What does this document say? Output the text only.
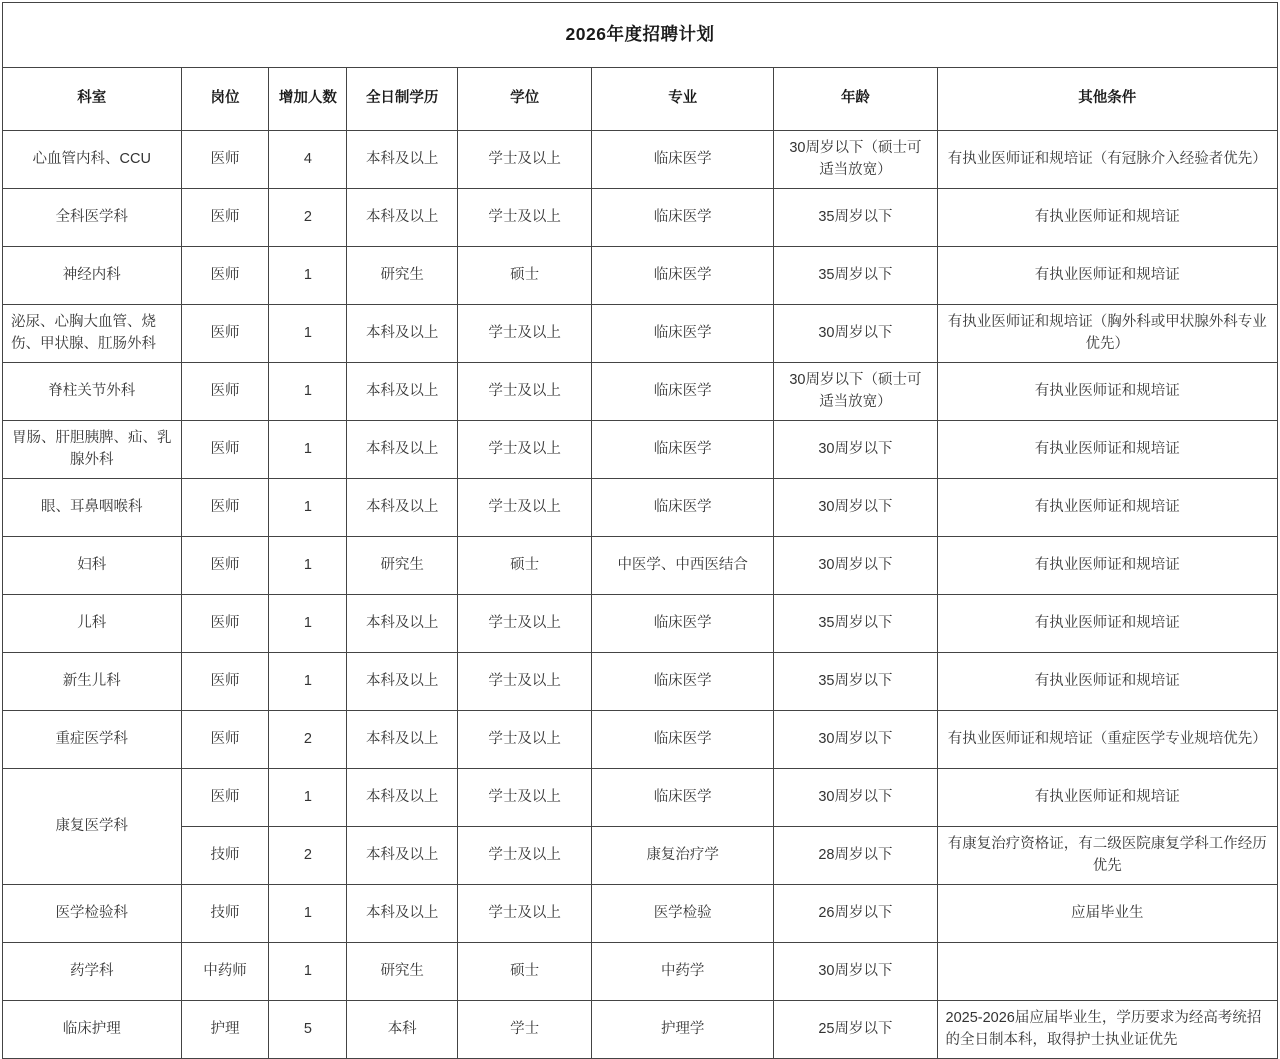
2026年度招聘计划							
科室	岗位	增加人数	全日制学历	学位	专业	年龄	其他条件
心血管内科、CCU	医师	4	本科及以上	学士及以上	临床医学	30周岁以下（硕士可适当放宽）	有执业医师证和规培证（有冠脉介入经验者优先）
全科医学科	医师	2	本科及以上	学士及以上	临床医学	35周岁以下	有执业医师证和规培证
神经内科	医师	1	研究生	硕士	临床医学	35周岁以下	有执业医师证和规培证
泌尿、心胸大血管、烧伤、甲状腺、肛肠外科	医师	1	本科及以上	学士及以上	临床医学	30周岁以下	有执业医师证和规培证（胸外科或甲状腺外科专业优先）
脊柱关节外科	医师	1	本科及以上	学士及以上	临床医学	30周岁以下（硕士可适当放宽）	有执业医师证和规培证
胃肠、肝胆胰脾、疝、乳腺外科	医师	1	本科及以上	学士及以上	临床医学	30周岁以下	有执业医师证和规培证
眼、耳鼻咽喉科	医师	1	本科及以上	学士及以上	临床医学	30周岁以下	有执业医师证和规培证
妇科	医师	1	研究生	硕士	中医学、中西医结合	30周岁以下	有执业医师证和规培证
儿科	医师	1	本科及以上	学士及以上	临床医学	35周岁以下	有执业医师证和规培证
新生儿科	医师	1	本科及以上	学士及以上	临床医学	35周岁以下	有执业医师证和规培证
重症医学科	医师	2	本科及以上	学士及以上	临床医学	30周岁以下	有执业医师证和规培证（重症医学专业规培优先）
康复医学科	医师	1	本科及以上	学士及以上	临床医学	30周岁以下	有执业医师证和规培证
	技师	2	本科及以上	学士及以上	康复治疗学	28周岁以下	有康复治疗资格证，有二级医院康复学科工作经历优先
医学检验科	技师	1	本科及以上	学士及以上	医学检验	26周岁以下	应届毕业生
药学科	中药师	1	研究生	硕士	中药学	30周岁以下	
临床护理	护理	5	本科	学士	护理学	25周岁以下	2025-2026届应届毕业生，学历要求为经高考统招的全日制本科，取得护士执业证优先
